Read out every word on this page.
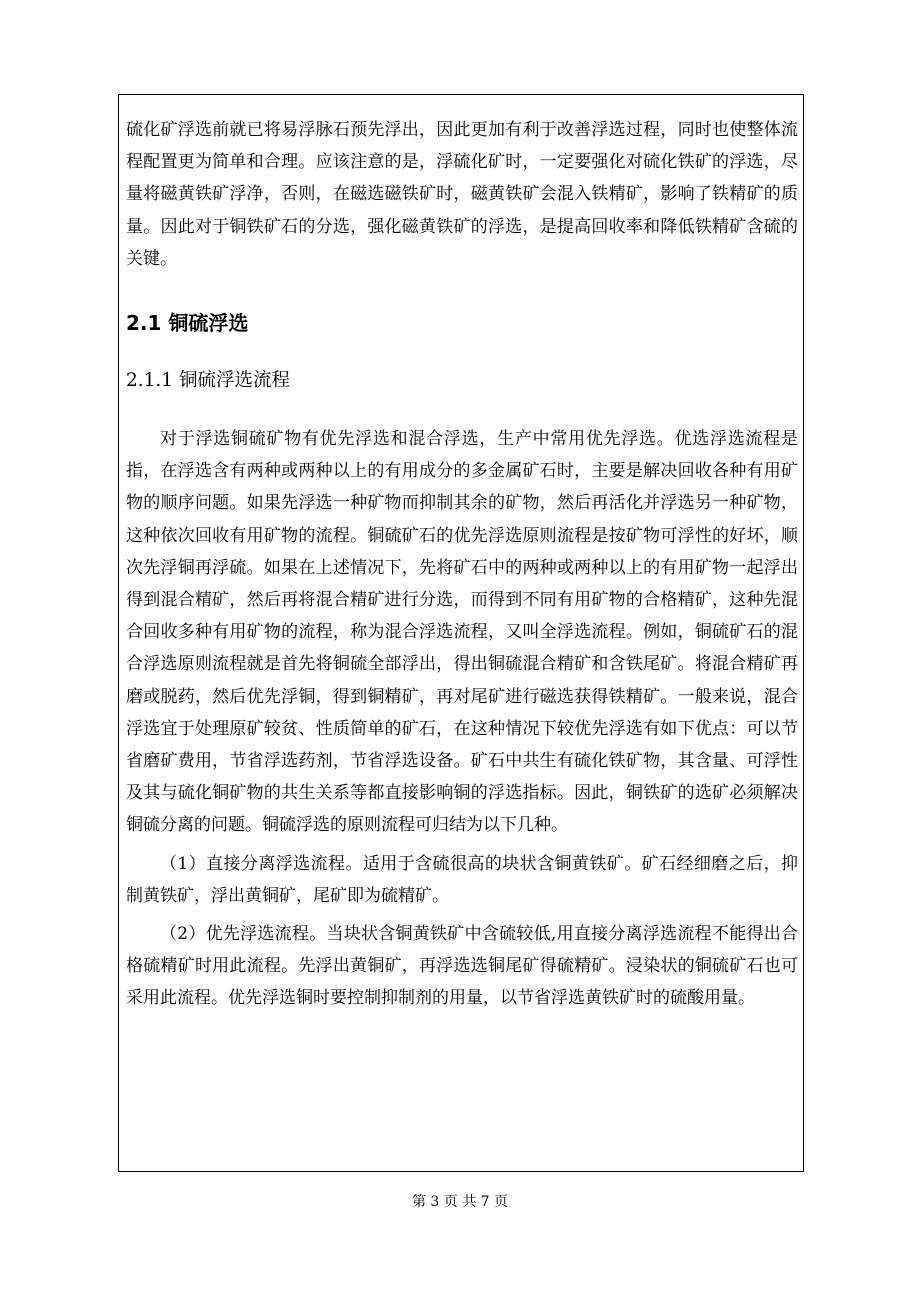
硫化矿浮选前就已将易浮脉石预先浮出，因此更加有利于改善浮选过程，同时也使整体流程配置更为简单和合理。应该注意的是，浮硫化矿时，一定要强化对硫化铁矿的浮选，尽量将磁黄铁矿浮净，否则，在磁选磁铁矿时，磁黄铁矿会混入铁精矿，影响了铁精矿的质量。因此对于铜铁矿石的分选，强化磁黄铁矿的浮选，是提高回收率和降低铁精矿含硫的关键。

2.1 铜硫浮选
2.1.1 铜硫浮选流程

对于浮选铜硫矿物有优先浮选和混合浮选，生产中常用优先浮选。优选浮选流程是指，在浮选含有两种或两种以上的有用成分的多金属矿石时，主要是解决回收各种有用矿物的顺序问题。如果先浮选一种矿物而抑制其余的矿物，然后再活化并浮选另一种矿物，这种依次回收有用矿物的流程。铜硫矿石的优先浮选原则流程是按矿物可浮性的好坏，顺次先浮铜再浮硫。如果在上述情况下，先将矿石中的两种或两种以上的有用矿物一起浮出得到混合精矿，然后再将混合精矿进行分选，而得到不同有用矿物的合格精矿，这种先混合回收多种有用矿物的流程，称为混合浮选流程，又叫全浮选流程。例如，铜硫矿石的混合浮选原则流程就是首先将铜硫全部浮出，得出铜硫混合精矿和含铁尾矿。将混合精矿再磨或脱药，然后优先浮铜，得到铜精矿，再对尾矿进行磁选获得铁精矿。一般来说，混合浮选宜于处理原矿较贫、性质简单的矿石，在这种情况下较优先浮选有如下优点：可以节省磨矿费用，节省浮选药剂，节省浮选设备。矿石中共生有硫化铁矿物，其含量、可浮性及其与硫化铜矿物的共生关系等都直接影响铜的浮选指标。因此，铜铁矿的选矿必须解决铜硫分离的问题。铜硫浮选的原则流程可归结为以下几种。

（1）直接分离浮选流程。适用于含硫很高的块状含铜黄铁矿。矿石经细磨之后，抑制黄铁矿，浮出黄铜矿，尾矿即为硫精矿。

（2）优先浮选流程。当块状含铜黄铁矿中含硫较低,用直接分离浮选流程不能得出合格硫精矿时用此流程。先浮出黄铜矿，再浮选选铜尾矿得硫精矿。浸染状的铜硫矿石也可采用此流程。优先浮选铜时要控制抑制剂的用量，以节省浮选黄铁矿时的硫酸用量。

第 3 页 共 7 页
